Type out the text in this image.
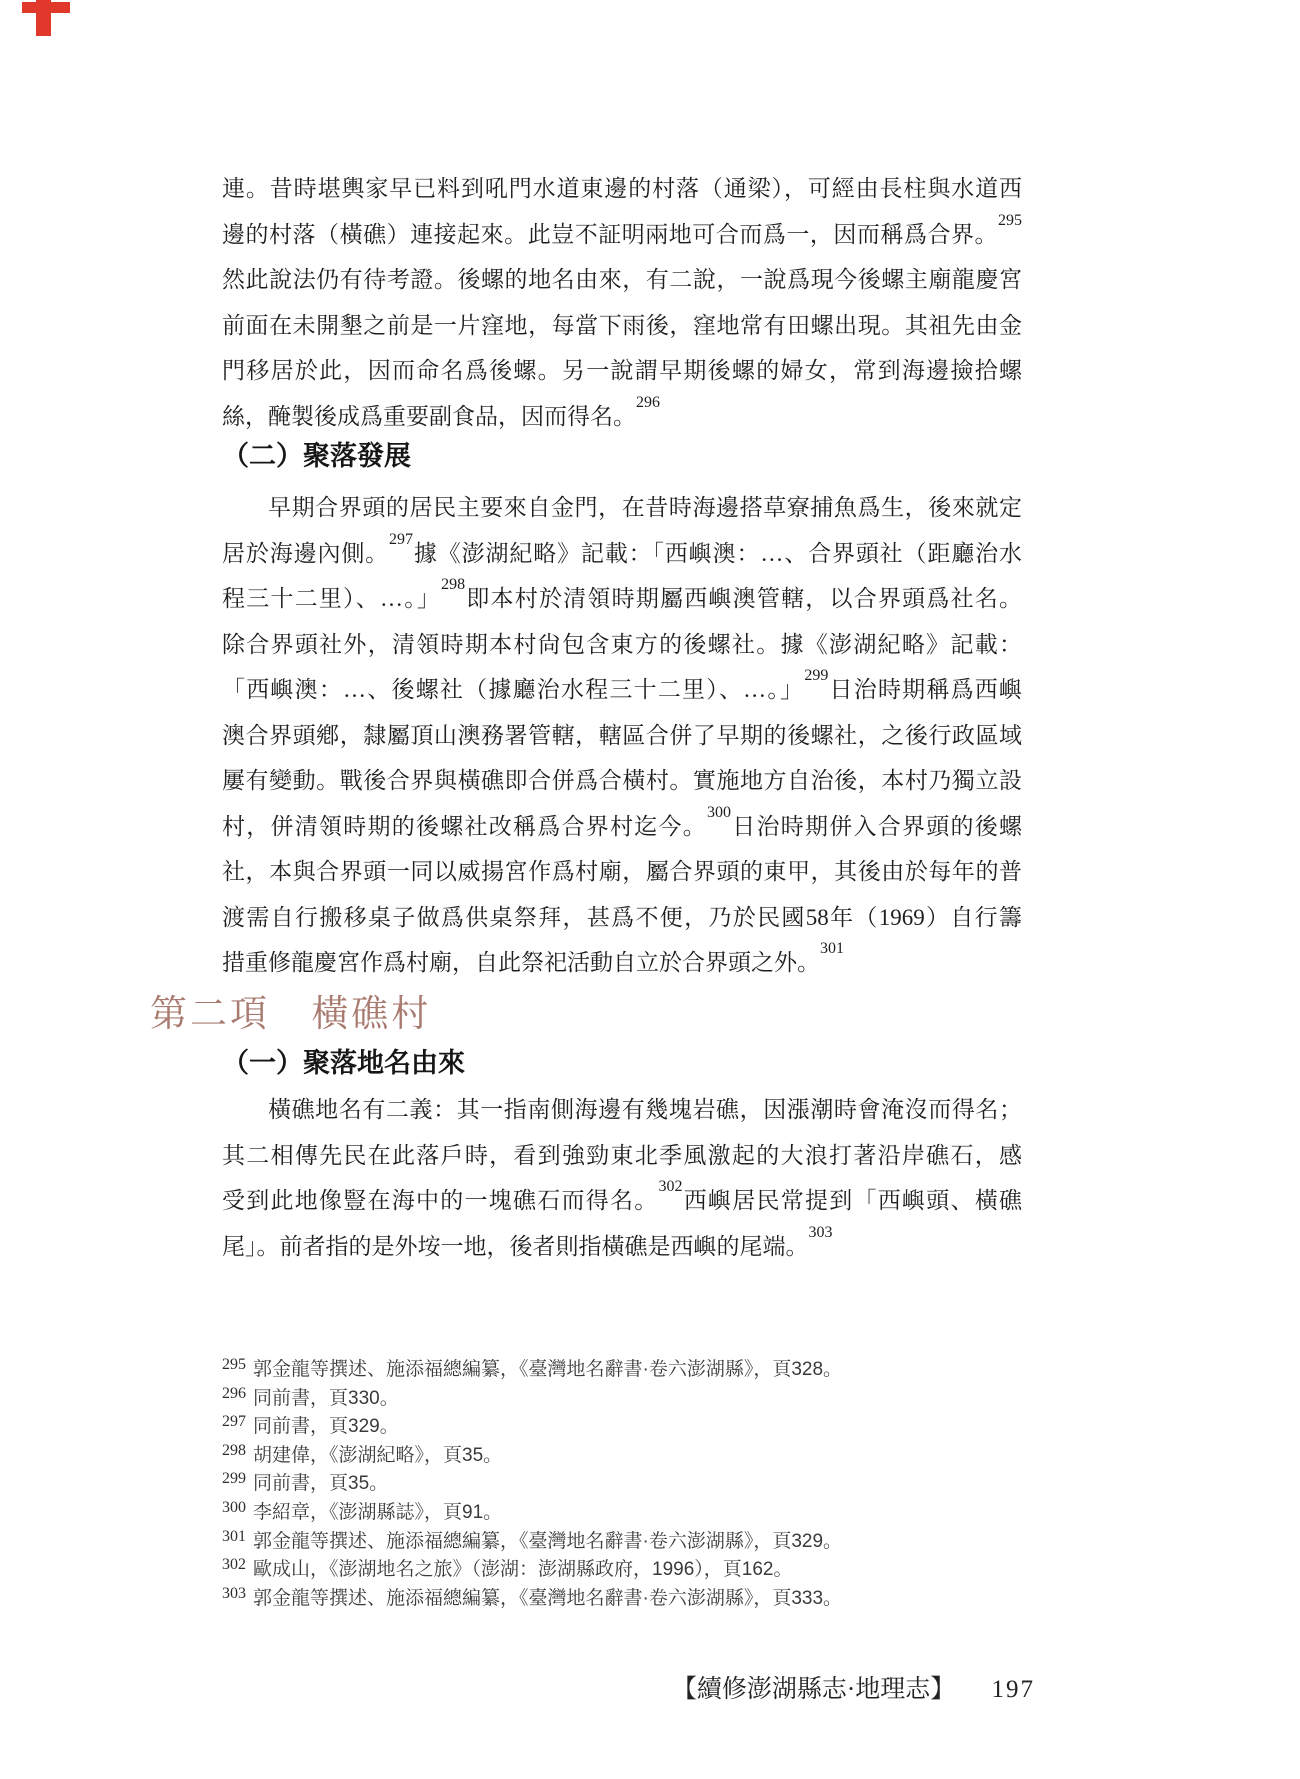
連。昔時堪輿家早已料到吼門水道東邊的村落（通梁），可經由長柱與水道西
邊的村落（橫礁）連接起來。此豈不証明兩地可合而爲一，因而稱爲合界。$^{295}$
然此說法仍有待考證。後螺的地名由來，有二說，一說爲現今後螺主廟龍慶宮
前面在未開墾之前是一片窪地，每當下雨後，窪地常有田螺出現。其祖先由金
門移居於此，因而命名爲後螺。另一說謂早期後螺的婦女，常到海邊撿拾螺
絲，醃製後成爲重要副食品，因而得名。$^{296}$
（二）聚落發展
早期合界頭的居民主要來自金門，在昔時海邊搭草寮捕魚爲生，後來就定
居於海邊內側。$^{297}$據《澎湖紀略》記載：「西嶼澳：…、合界頭社（距廳治水
程三十二里）、…。」$^{298}$即本村於清領時期屬西嶼澳管轄，以合界頭爲社名。
除合界頭社外，清領時期本村尙包含東方的後螺社。據《澎湖紀略》記載：
「西嶼澳：…、後螺社（據廳治水程三十二里）、…。」$^{299}$日治時期稱爲西嶼
澳合界頭鄕，隸屬頂山澳務署管轄，轄區合併了早期的後螺社，之後行政區域
屢有變動。戰後合界與橫礁即合併爲合橫村。實施地方自治後，本村乃獨立設
村，併清領時期的後螺社改稱爲合界村迄今。$^{300}$日治時期併入合界頭的後螺
社，本與合界頭一同以威揚宮作爲村廟，屬合界頭的東甲，其後由於每年的普
渡需自行搬移桌子做爲供桌祭拜，甚爲不便，乃於民國58年（1969）自行籌
措重修龍慶宮作爲村廟，自此祭祀活動自立於合界頭之外。$^{301}$
第二項 橫礁村
（一）聚落地名由來
橫礁地名有二義：其一指南側海邊有幾塊岩礁，因漲潮時會淹沒而得名；
其二相傳先民在此落戶時，看到強勁東北季風激起的大浪打著沿岸礁石，感
受到此地像豎在海中的一塊礁石而得名。$^{302}$西嶼居民常提到「西嶼頭、橫礁
尾」。前者指的是外垵一地，後者則指橫礁是西嶼的尾端。$^{303}$
$^{295}$ 郭金龍等撰述、施添福總編纂，《臺灣地名辭書·卷六澎湖縣》，頁328。
$^{296}$ 同前書，頁330。
$^{297}$ 同前書，頁329。
$^{298}$ 胡建偉，《澎湖紀略》，頁35。
$^{299}$ 同前書，頁35。
$^{300}$ 李紹章，《澎湖縣誌》，頁91。
$^{301}$ 郭金龍等撰述、施添福總編纂，《臺灣地名辭書·卷六澎湖縣》，頁329。
$^{302}$ 歐成山，《澎湖地名之旅》（澎湖：澎湖縣政府，1996），頁162。
$^{303}$ 郭金龍等撰述、施添福總編纂，《臺灣地名辭書·卷六澎湖縣》，頁333。
【續修澎湖縣志·地理志】 197
